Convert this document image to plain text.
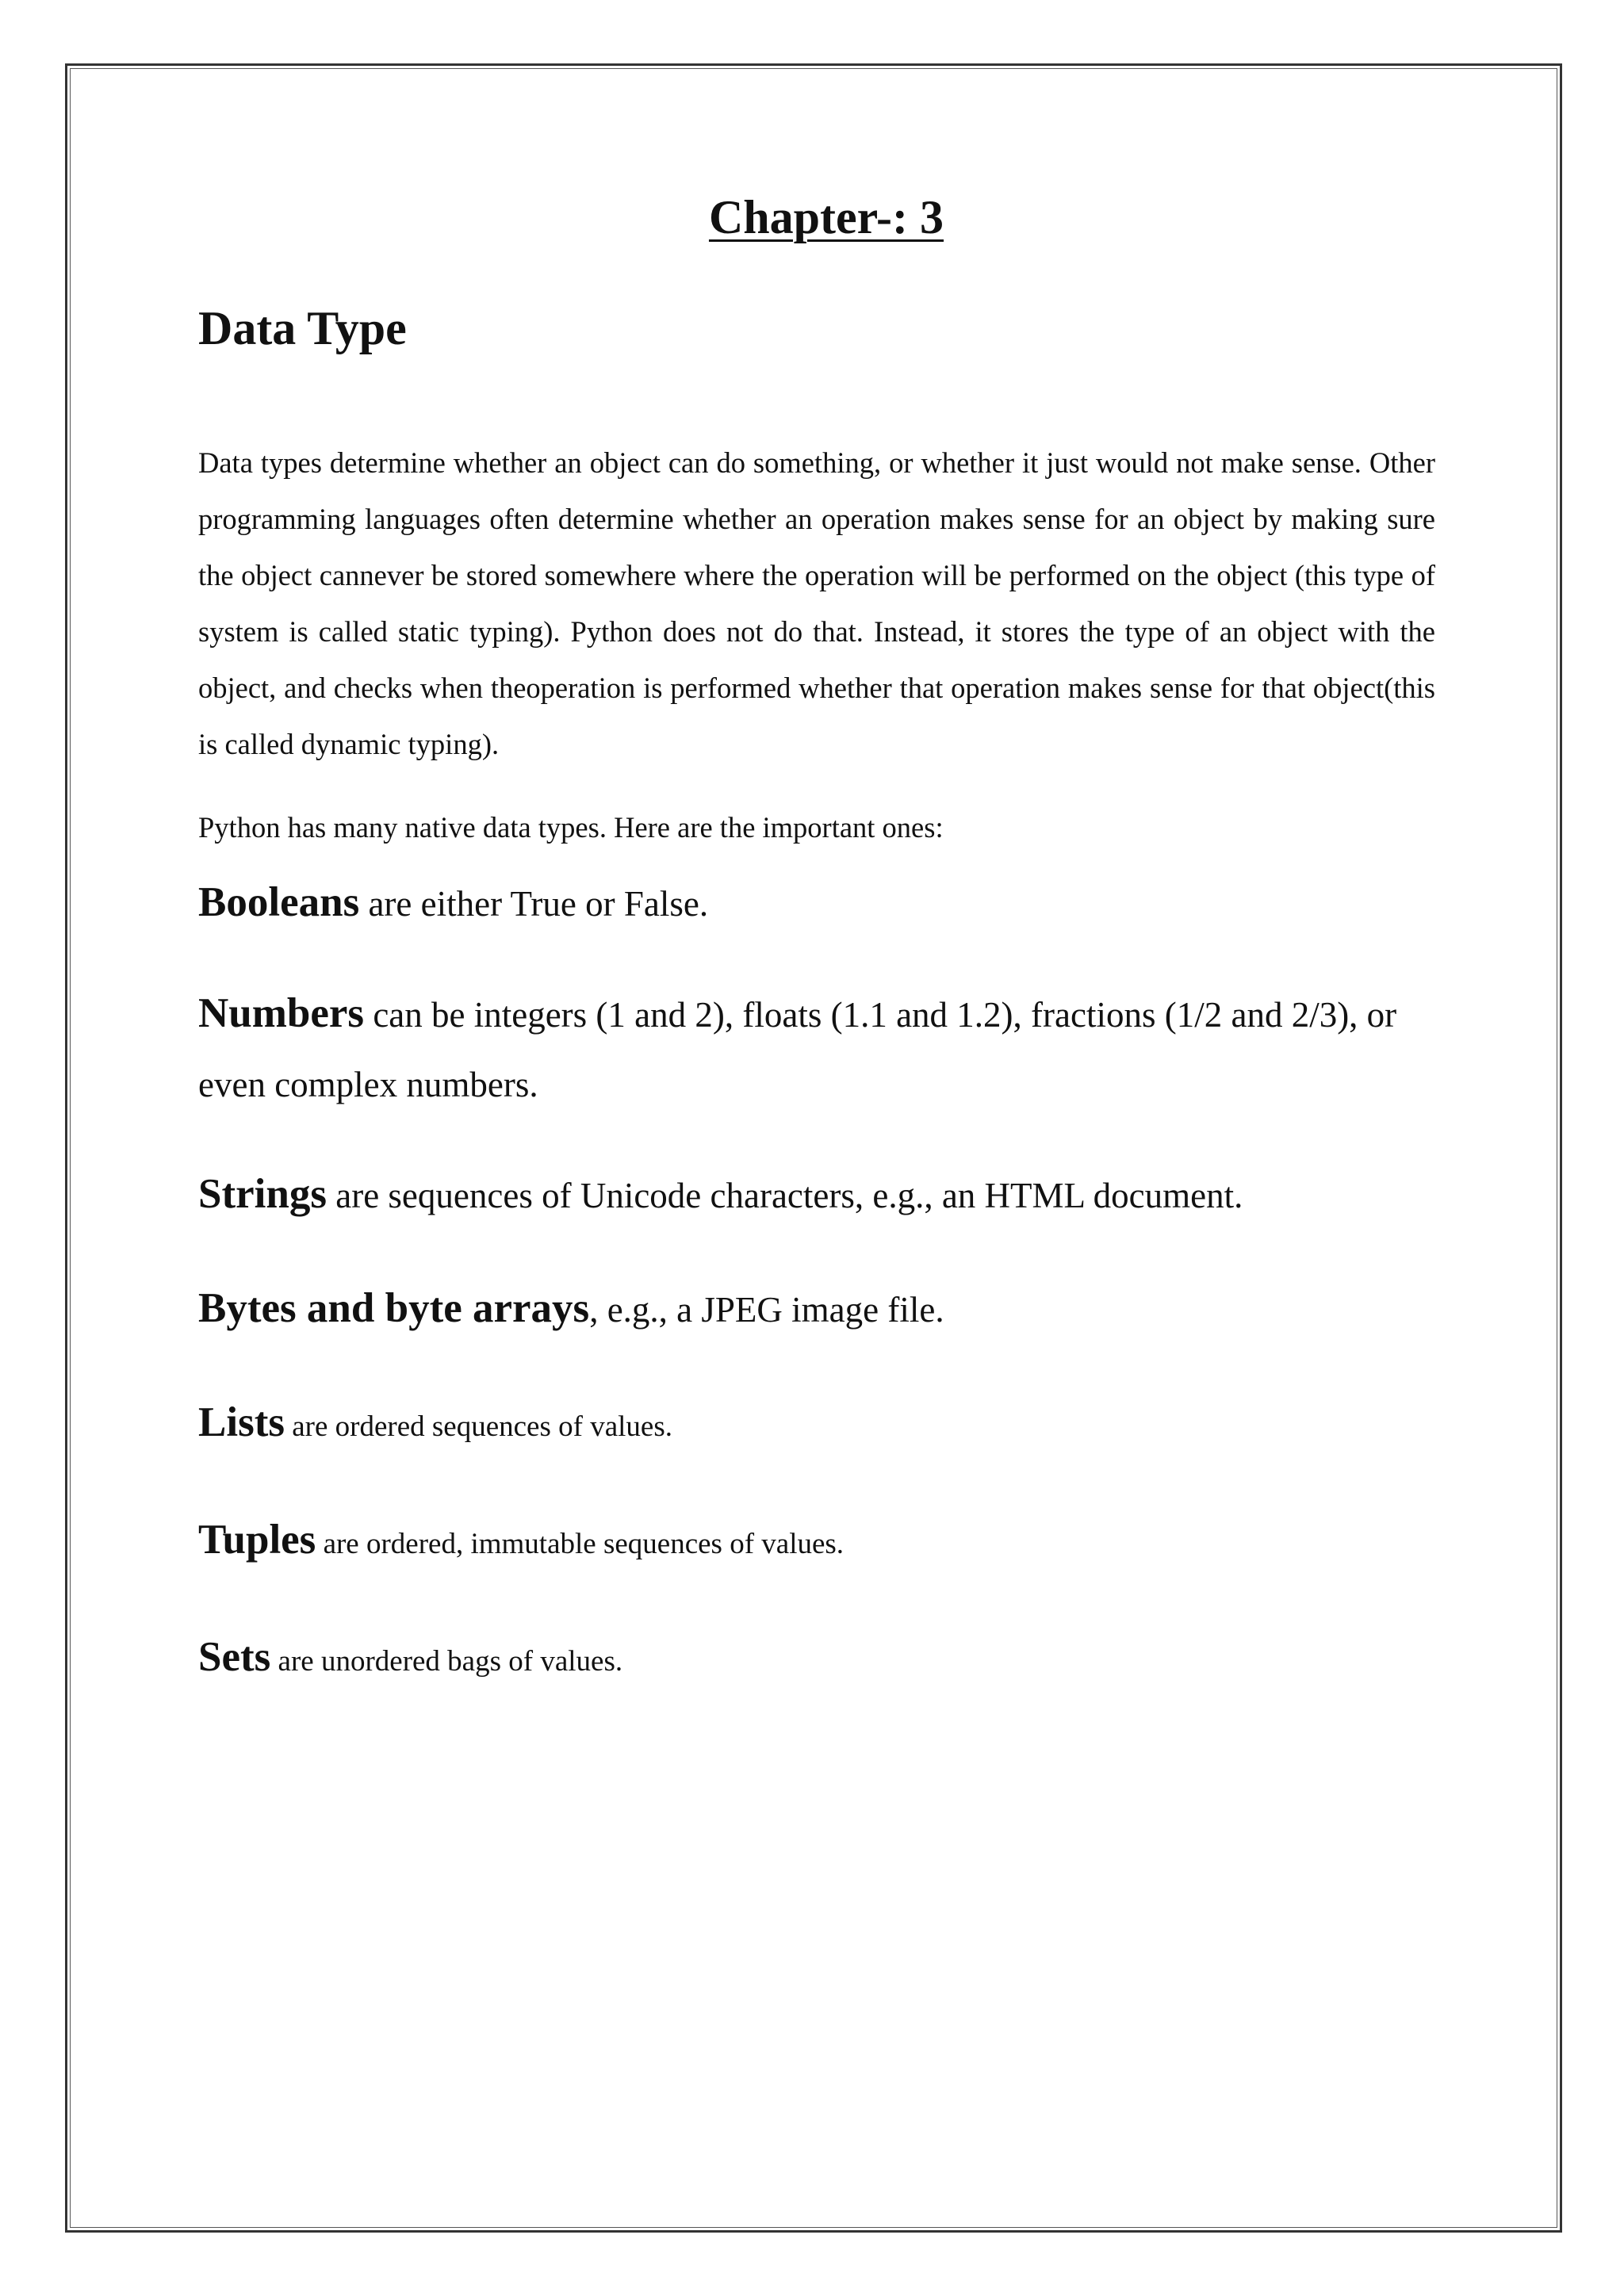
Chapter-: 3
Data Type

Data types determine whether an object can do something, or whether it just would not make sense. Other programming languages often determine whether an operation makes sense for an object by making sure the object cannever be stored somewhere where the operation will be performed on the object (this type of system is called static typing). Python does not do that. Instead, it stores the type of an object with the object, and checks when theoperation is performed whether that operation makes sense for that object(this is called dynamic typing).

Python has many native data types. Here are the important ones:

Booleans are either True or False.
Numbers can be integers (1 and 2), floats (1.1 and 1.2), fractions (1/2 and 2/3), or even complex numbers.
Strings are sequences of Unicode characters, e.g., an HTML document.
Bytes and byte arrays, e.g., a JPEG image file.
Lists are ordered sequences of values.
Tuples are ordered, immutable sequences of values.
Sets are unordered bags of values.
